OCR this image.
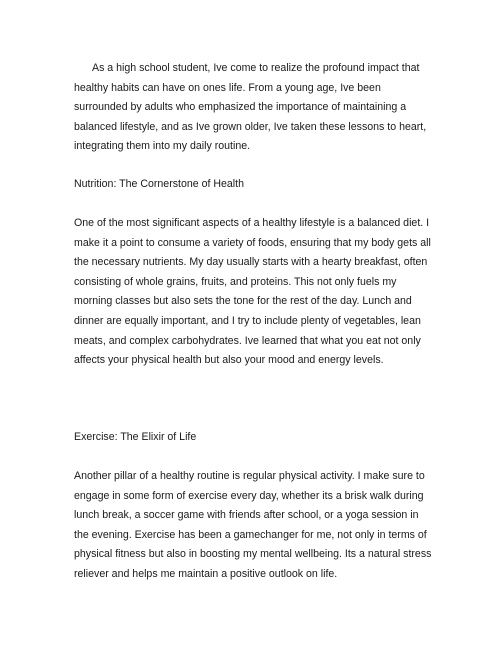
As a high school student, Ive come to realize the profound impact that healthy habits can have on ones life. From a young age, Ive been surrounded by adults who emphasized the importance of maintaining a balanced lifestyle, and as Ive grown older, Ive taken these lessons to heart, integrating them into my daily routine.

Nutrition: The Cornerstone of Health

One of the most significant aspects of a healthy lifestyle is a balanced diet. I make it a point to consume a variety of foods, ensuring that my body gets all the necessary nutrients. My day usually starts with a hearty breakfast, often consisting of whole grains, fruits, and proteins. This not only fuels my morning classes but also sets the tone for the rest of the day. Lunch and dinner are equally important, and I try to include plenty of vegetables, lean meats, and complex carbohydrates. Ive learned that what you eat not only affects your physical health but also your mood and energy levels.

Exercise: The Elixir of Life

Another pillar of a healthy routine is regular physical activity. I make sure to engage in some form of exercise every day, whether its a brisk walk during lunch break, a soccer game with friends after school, or a yoga session in the evening. Exercise has been a gamechanger for me, not only in terms of physical fitness but also in boosting my mental wellbeing. Its a natural stress reliever and helps me maintain a positive outlook on life.
